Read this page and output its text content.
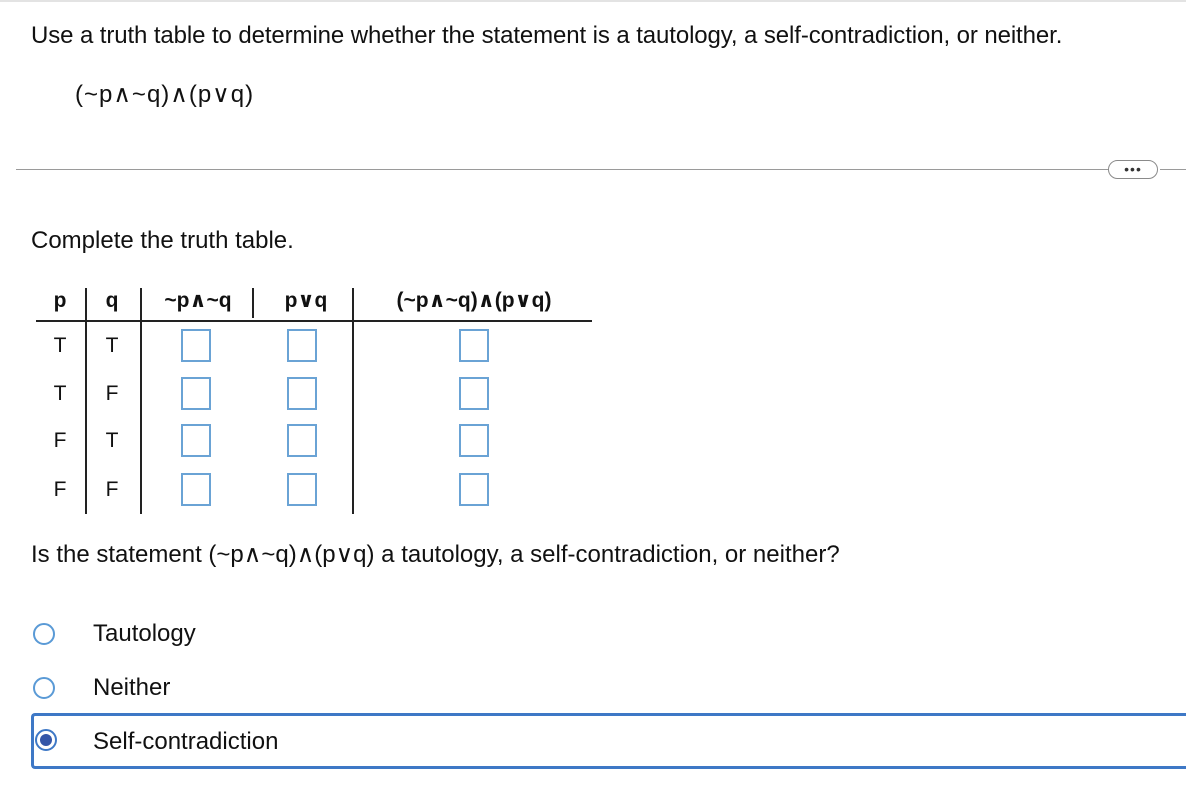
Use a truth table to determine whether the statement is a tautology, a self-contradiction, or neither.
(~p∧~q)∧(p∨q)
•••
Complete the truth table.
p	q	~p∧~q	p∨q	(~p∧~q)∧(p∨q)
T	T
T	F
F	T
F	F
Is the statement (~p∧~q)∧(p∨q) a tautology, a self-contradiction, or neither?
Tautology
Neither
Self-contradiction
